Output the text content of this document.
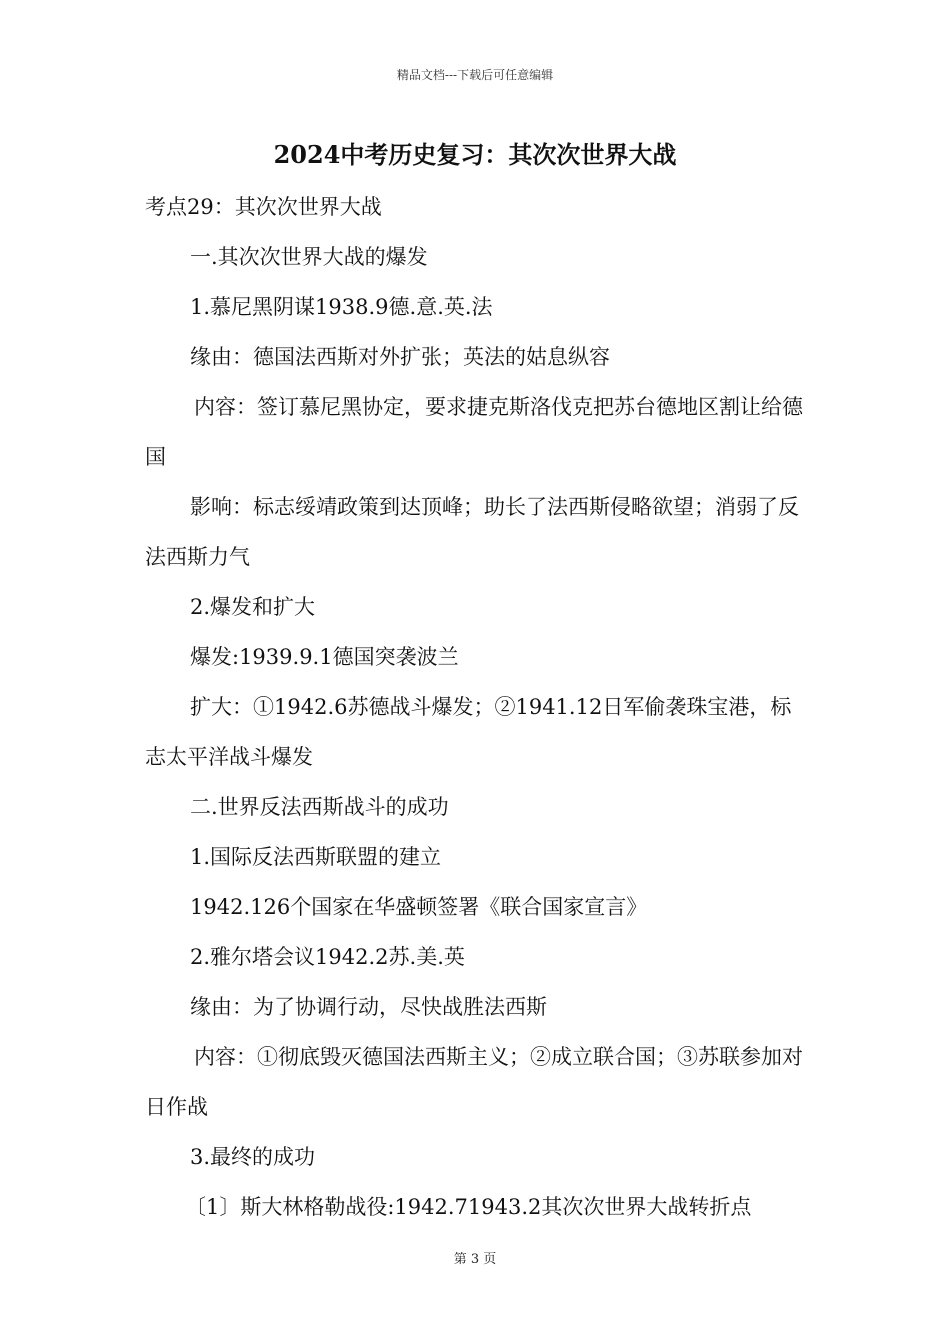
精品文档---下载后可任意编辑
2024中考历史复习：其次次世界大战

考点29：其次次世界大战

一.其次次世界大战的爆发

1.慕尼黑阴谋1938.9德.意.英.法

缘由：德国法西斯对外扩张；英法的姑息纵容

内容：签订慕尼黑协定，要求捷克斯洛伐克把苏台德地区割让给德国

影响：标志绥靖政策到达顶峰；助长了法西斯侵略欲望；消弱了反法西斯力气

2.爆发和扩大

爆发:1939.9.1德国突袭波兰

扩大：①1942.6苏德战斗爆发；②1941.12日军偷袭珠宝港，标志太平洋战斗爆发

二.世界反法西斯战斗的成功

1.国际反法西斯联盟的建立

1942.126个国家在华盛顿签署《联合国家宣言》

2.雅尔塔会议1942.2苏.美.英

缘由：为了协调行动，尽快战胜法西斯

内容：①彻底毁灭德国法西斯主义；②成立联合国；③苏联参加对日作战

3.最终的成功

〔1〕斯大林格勒战役:1942.71943.2其次次世界大战转折点

第 3 页
